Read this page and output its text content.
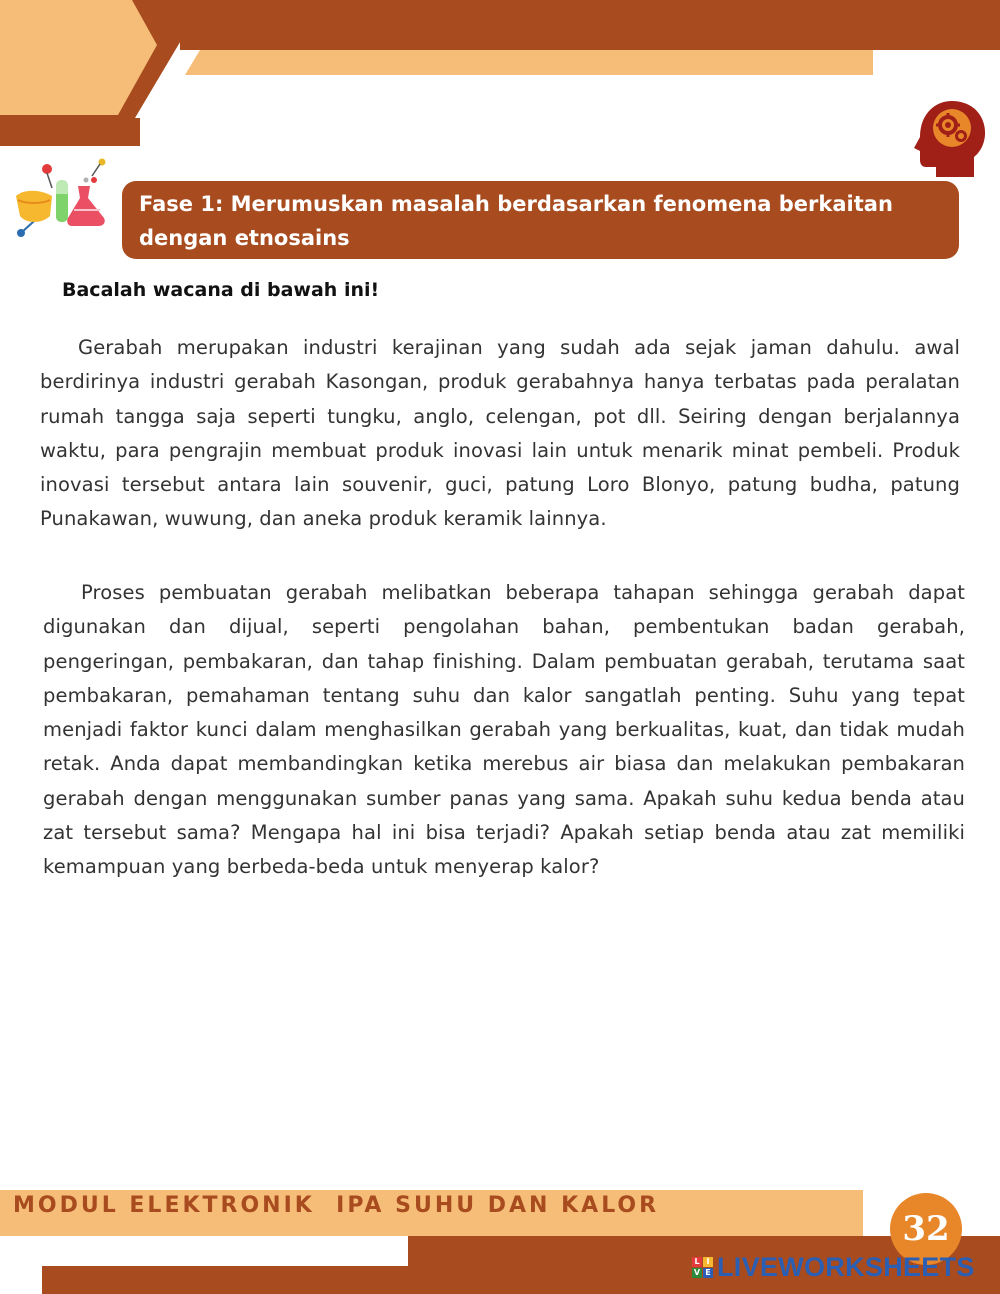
Fase 1: Merumuskan masalah berdasarkan fenomena berkaitan dengan etnosains

Bacalah wacana di bawah ini!

Gerabah merupakan industri kerajinan yang sudah ada sejak jaman dahulu. awal berdirinya industri gerabah Kasongan, produk gerabahnya hanya terbatas pada peralatan rumah tangga saja seperti tungku, anglo, celengan, pot dll. Seiring dengan berjalannya waktu, para pengrajin membuat produk inovasi lain untuk menarik minat pembeli. Produk inovasi tersebut antara lain souvenir, guci, patung Loro Blonyo, patung budha, patung Punakawan, wuwung, dan aneka produk keramik lainnya.

Proses pembuatan gerabah melibatkan beberapa tahapan sehingga gerabah dapat digunakan dan dijual, seperti pengolahan bahan, pembentukan badan gerabah, pengeringan, pembakaran, dan tahap finishing. Dalam pembuatan gerabah, terutama saat pembakaran, pemahaman tentang suhu dan kalor sangatlah penting. Suhu yang tepat menjadi faktor kunci dalam menghasilkan gerabah yang berkualitas, kuat, dan tidak mudah retak. Anda dapat membandingkan ketika merebus air biasa dan melakukan pembakaran gerabah dengan menggunakan sumber panas yang sama. Apakah suhu kedua benda atau zat tersebut sama? Mengapa hal ini bisa terjadi? Apakah setiap benda atau zat memiliki kemampuan yang berbeda-beda untuk menyerap kalor?

MODUL ELEKTRONIK  IPA SUHU DAN KALOR

32
L I
V E LIVEWORKSHEETS
